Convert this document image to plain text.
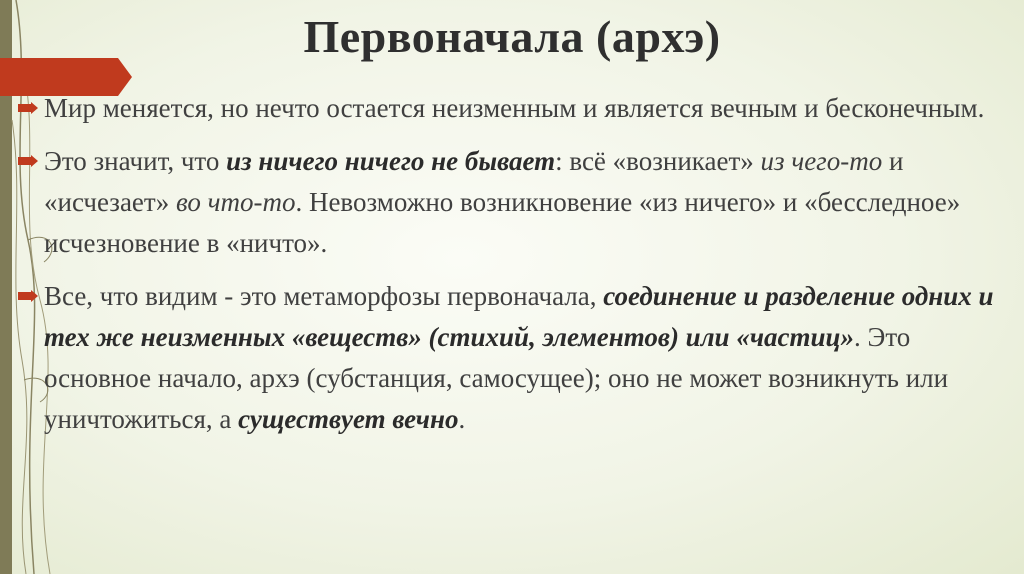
Первоначала (архэ)

Мир меняется, но нечто остается неизменным и является вечным и бесконечным.

Это значит, что из ничего ничего не бывает: всё «возникает» из чего-то и «исчезает» во что-то. Невозможно возникновение «из ничего» и «бесследное» исчезновение в «ничто».

Все, что видим - это метаморфозы первоначала, соединение и разделение одних и тех же неизменных «веществ» (стихий, элементов) или «частиц». Это основное начало, архэ (субстанция, самосущее); оно не может возникнуть или уничтожиться, а существует вечно.
